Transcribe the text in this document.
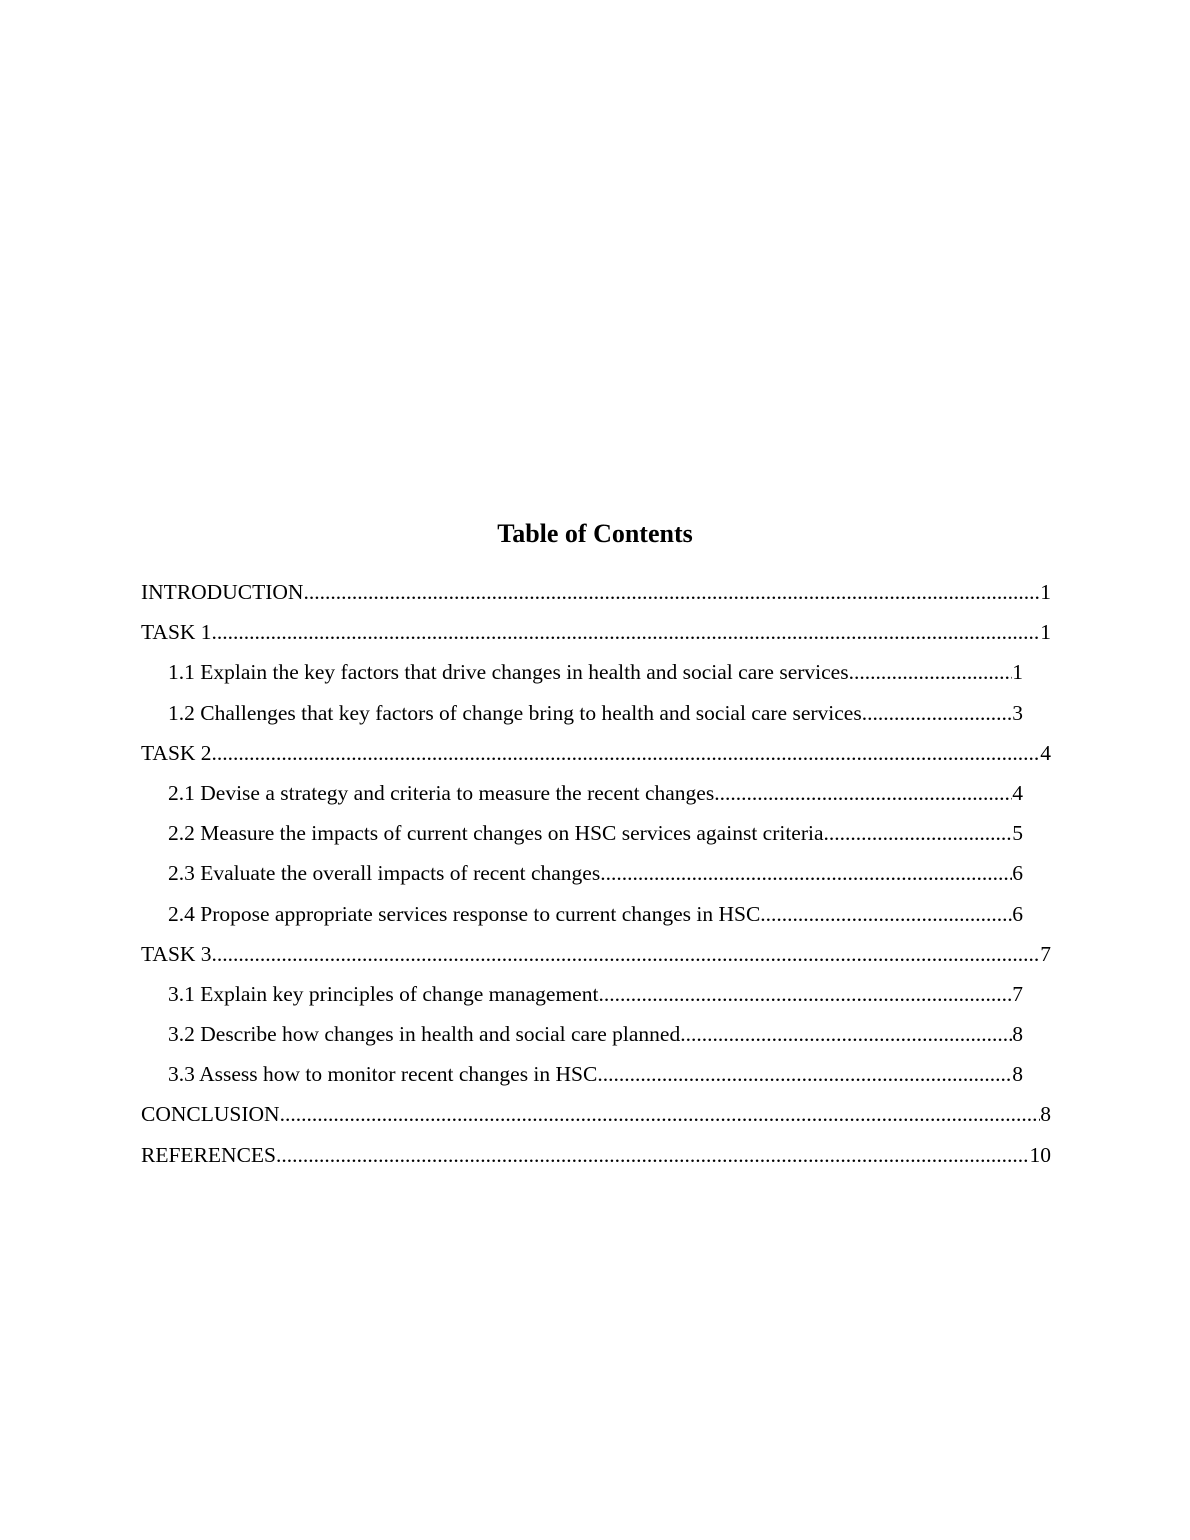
Table of Contents
INTRODUCTION .....	1
TASK 1 .....	1
1.1 Explain the key factors that drive changes in health and social care services .....	1
1.2 Challenges that key factors of change bring to health and social care services .....	3
TASK 2 .....	4
2.1 Devise a strategy and criteria to measure the recent changes .....	4
2.2 Measure the impacts of current changes on HSC services against criteria .....	5
2.3 Evaluate the overall impacts of recent changes .....	6
2.4 Propose appropriate services response to current changes in HSC .....	6
TASK 3 .....	7
3.1 Explain key principles of change management .....	7
3.2 Describe how changes in health and social care planned .....	8
3.3 Assess how to monitor recent changes in HSC .....	8
CONCLUSION .....	8
REFERENCES .....	10
